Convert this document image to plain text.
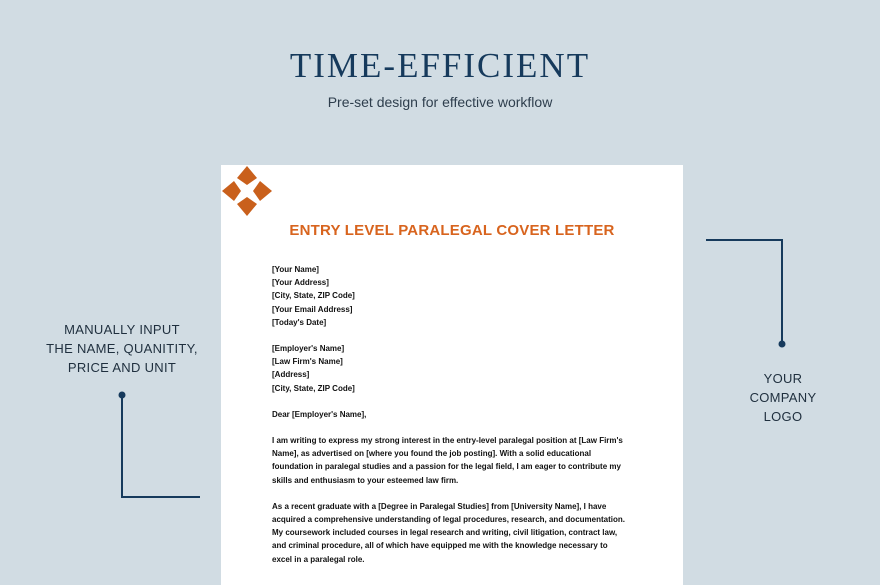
TIME-EFFICIENT
Pre-set design for effective workflow
MANUALLY INPUT
THE NAME, QUANITITY,
PRICE AND UNIT
YOUR
COMPANY
LOGO
ENTRY LEVEL PARALEGAL COVER LETTER
[Your Name]
[Your Address]
[City, State, ZIP Code]
[Your Email Address]
[Today's Date]
[Employer's Name]
[Law Firm's Name]
[Address]
[City, State, ZIP Code]
Dear [Employer's Name],
I am writing to express my strong interest in the entry-level paralegal position at [Law Firm's
Name], as advertised on [where you found the job posting]. With a solid educational
foundation in paralegal studies and a passion for the legal field, I am eager to contribute my
skills and enthusiasm to your esteemed law firm.
As a recent graduate with a [Degree in Paralegal Studies] from [University Name], I have
acquired a comprehensive understanding of legal procedures, research, and documentation.
My coursework included courses in legal research and writing, civil litigation, contract law,
and criminal procedure, all of which have equipped me with the knowledge necessary to
excel in a paralegal role.
